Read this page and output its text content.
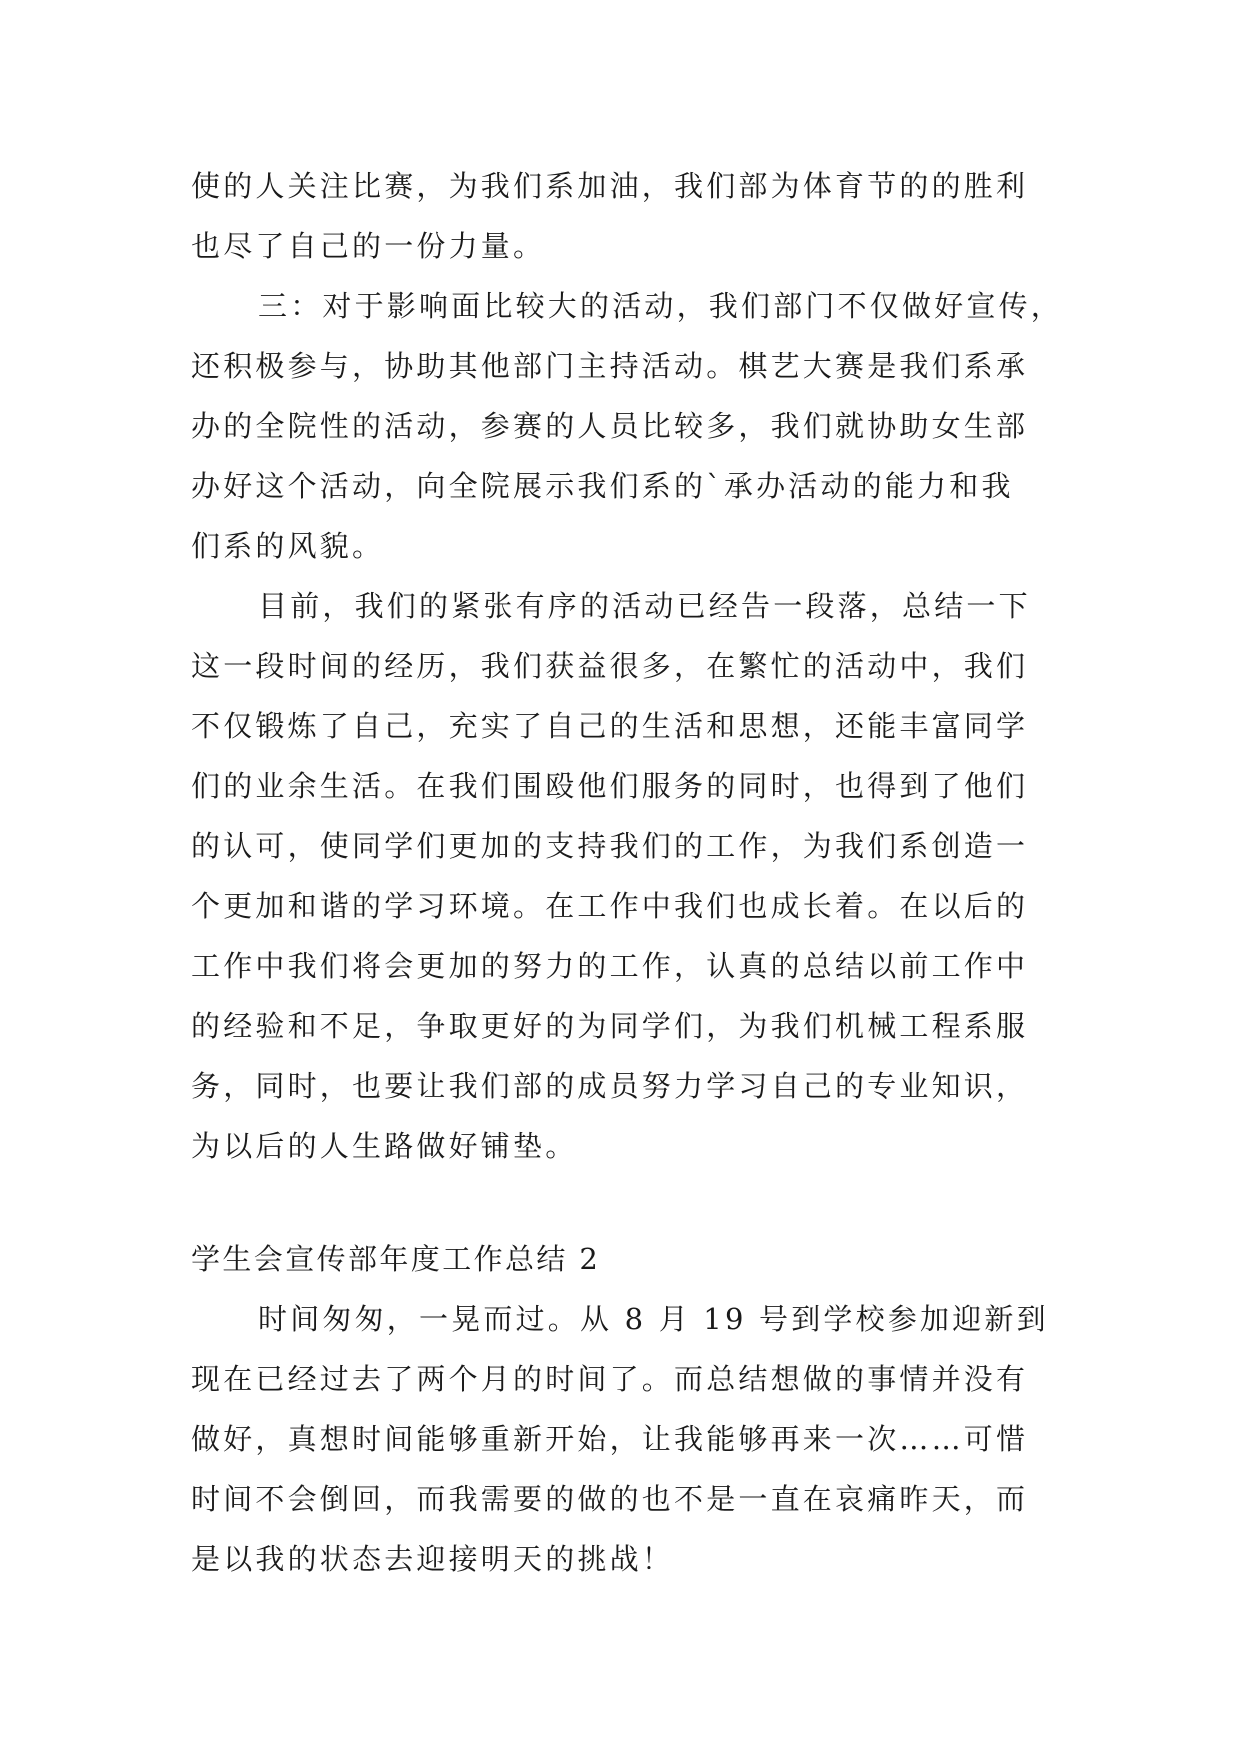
使的人关注比赛，为我们系加油，我们部为体育节的的胜利
也尽了自己的一份力量。
三：对于影响面比较大的活动，我们部门不仅做好宣传，
还积极参与，协助其他部门主持活动。棋艺大赛是我们系承
办的全院性的活动，参赛的人员比较多，我们就协助女生部
办好这个活动，向全院展示我们系的`承办活动的能力和我
们系的风貌。
目前，我们的紧张有序的活动已经告一段落，总结一下
这一段时间的经历，我们获益很多，在繁忙的活动中，我们
不仅锻炼了自己，充实了自己的生活和思想，还能丰富同学
们的业余生活。在我们围殴他们服务的同时，也得到了他们
的认可，使同学们更加的支持我们的工作，为我们系创造一
个更加和谐的学习环境。在工作中我们也成长着。在以后的
工作中我们将会更加的努力的工作，认真的总结以前工作中
的经验和不足，争取更好的为同学们，为我们机械工程系服
务，同时，也要让我们部的成员努力学习自己的专业知识，
为以后的人生路做好铺垫。
学生会宣传部年度工作总结 2
时间匆匆，一晃而过。从 8 月 19 号到学校参加迎新到
现在已经过去了两个月的时间了。而总结想做的事情并没有
做好，真想时间能够重新开始，让我能够再来一次……可惜
时间不会倒回，而我需要的做的也不是一直在哀痛昨天，而
是以我的状态去迎接明天的挑战！
